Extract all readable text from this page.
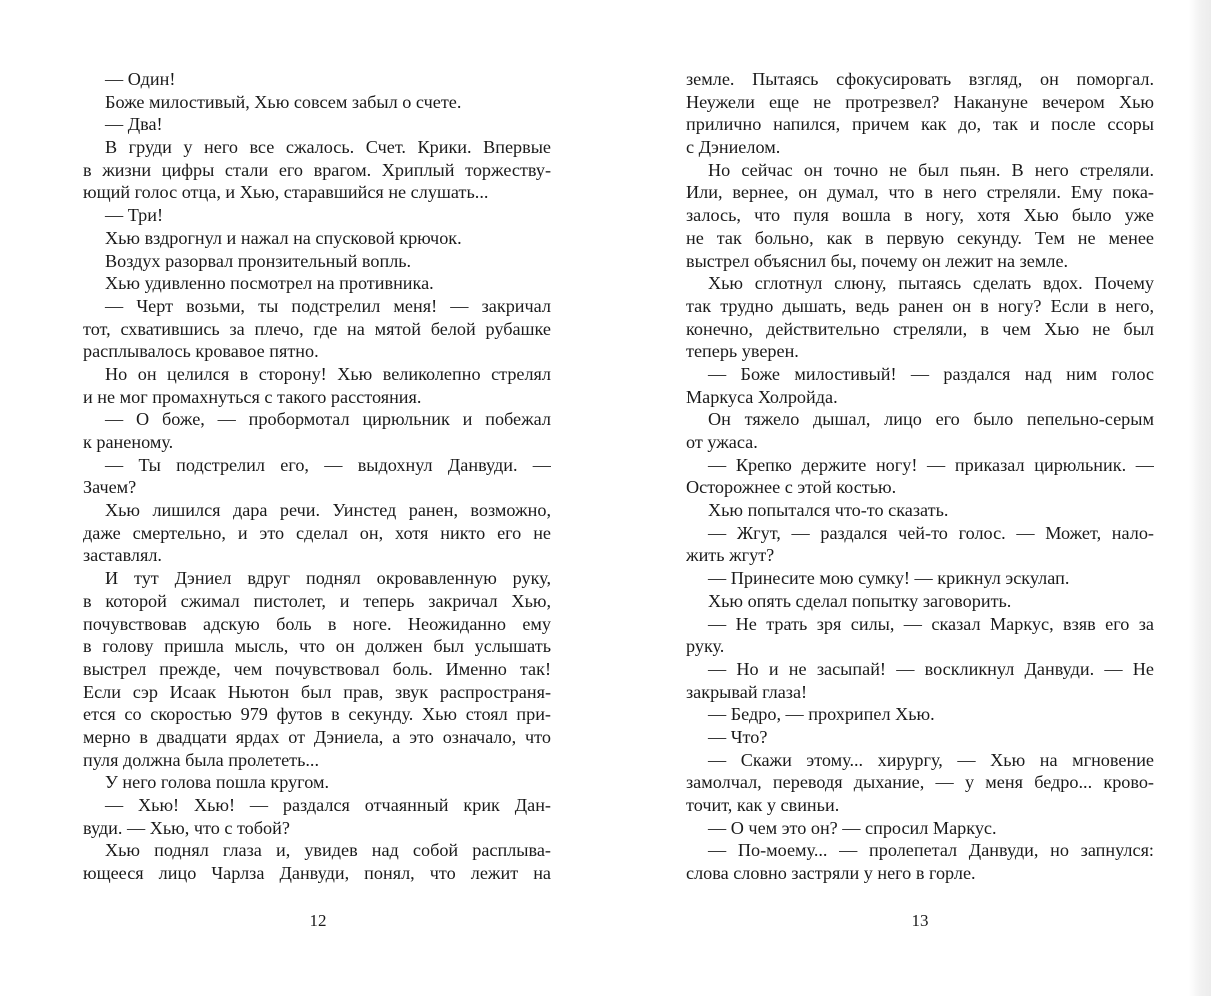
— Один!
Боже милостивый, Хью совсем забыл о счете.
— Два!
В груди у него все сжалось. Счет. Крики. Впервые
в жизни цифры стали его врагом. Хриплый торжеству-
ющий голос отца, и Хью, старавшийся не слушать...
— Три!
Хью вздрогнул и нажал на спусковой крючок.
Воздух разорвал пронзительный вопль.
Хью удивленно посмотрел на противника.
— Черт возьми, ты подстрелил меня! — закричал
тот, схватившись за плечо, где на мятой белой рубашке
расплывалось кровавое пятно.
Но он целился в сторону! Хью великолепно стрелял
и не мог промахнуться с такого расстояния.
— О боже, — пробормотал цирюльник и побежал
к раненому.
— Ты подстрелил его, — выдохнул Данвуди. —
Зачем?
Хью лишился дара речи. Уинстед ранен, возможно,
даже смертельно, и это сделал он, хотя никто его не
заставлял.
И тут Дэниел вдруг поднял окровавленную руку,
в которой сжимал пистолет, и теперь закричал Хью,
почувствовав адскую боль в ноге. Неожиданно ему
в голову пришла мысль, что он должен был услышать
выстрел прежде, чем почувствовал боль. Именно так!
Если сэр Исаак Ньютон был прав, звук распространя-
ется со скоростью 979 футов в секунду. Хью стоял при-
мерно в двадцати ярдах от Дэниела, а это означало, что
пуля должна была пролететь...
У него голова пошла кругом.
— Хью! Хью! — раздался отчаянный крик Дан-
вуди. — Хью, что с тобой?
Хью поднял глаза и, увидев над собой расплыва-
ющееся лицо Чарлза Данвуди, понял, что лежит на
12
земле. Пытаясь сфокусировать взгляд, он поморгал.
Неужели еще не протрезвел? Накануне вечером Хью
прилично напился, причем как до, так и после ссоры
с Дэниелом.
Но сейчас он точно не был пьян. В него стреляли.
Или, вернее, он думал, что в него стреляли. Ему пока-
залось, что пуля вошла в ногу, хотя Хью было уже
не так больно, как в первую секунду. Тем не менее
выстрел объяснил бы, почему он лежит на земле.
Хью сглотнул слюну, пытаясь сделать вдох. Почему
так трудно дышать, ведь ранен он в ногу? Если в него,
конечно, действительно стреляли, в чем Хью не был
теперь уверен.
— Боже милостивый! — раздался над ним голос
Маркуса Холройда.
Он тяжело дышал, лицо его было пепельно-серым
от ужаса.
— Крепко держите ногу! — приказал цирюльник. —
Осторожнее с этой костью.
Хью попытался что-то сказать.
— Жгут, — раздался чей-то голос. — Может, нало-
жить жгут?
— Принесите мою сумку! — крикнул эскулап.
Хью опять сделал попытку заговорить.
— Не трать зря силы, — сказал Маркус, взяв его за
руку.
— Но и не засыпай! — воскликнул Данвуди. — Не
закрывай глаза!
— Бедро, — прохрипел Хью.
— Что?
— Скажи этому... хирургу, — Хью на мгновение
замолчал, переводя дыхание, — у меня бедро... крово-
точит, как у свиньи.
— О чем это он? — спросил Маркус.
— По-моему... — пролепетал Данвуди, но запнулся:
слова словно застряли у него в горле.
13
